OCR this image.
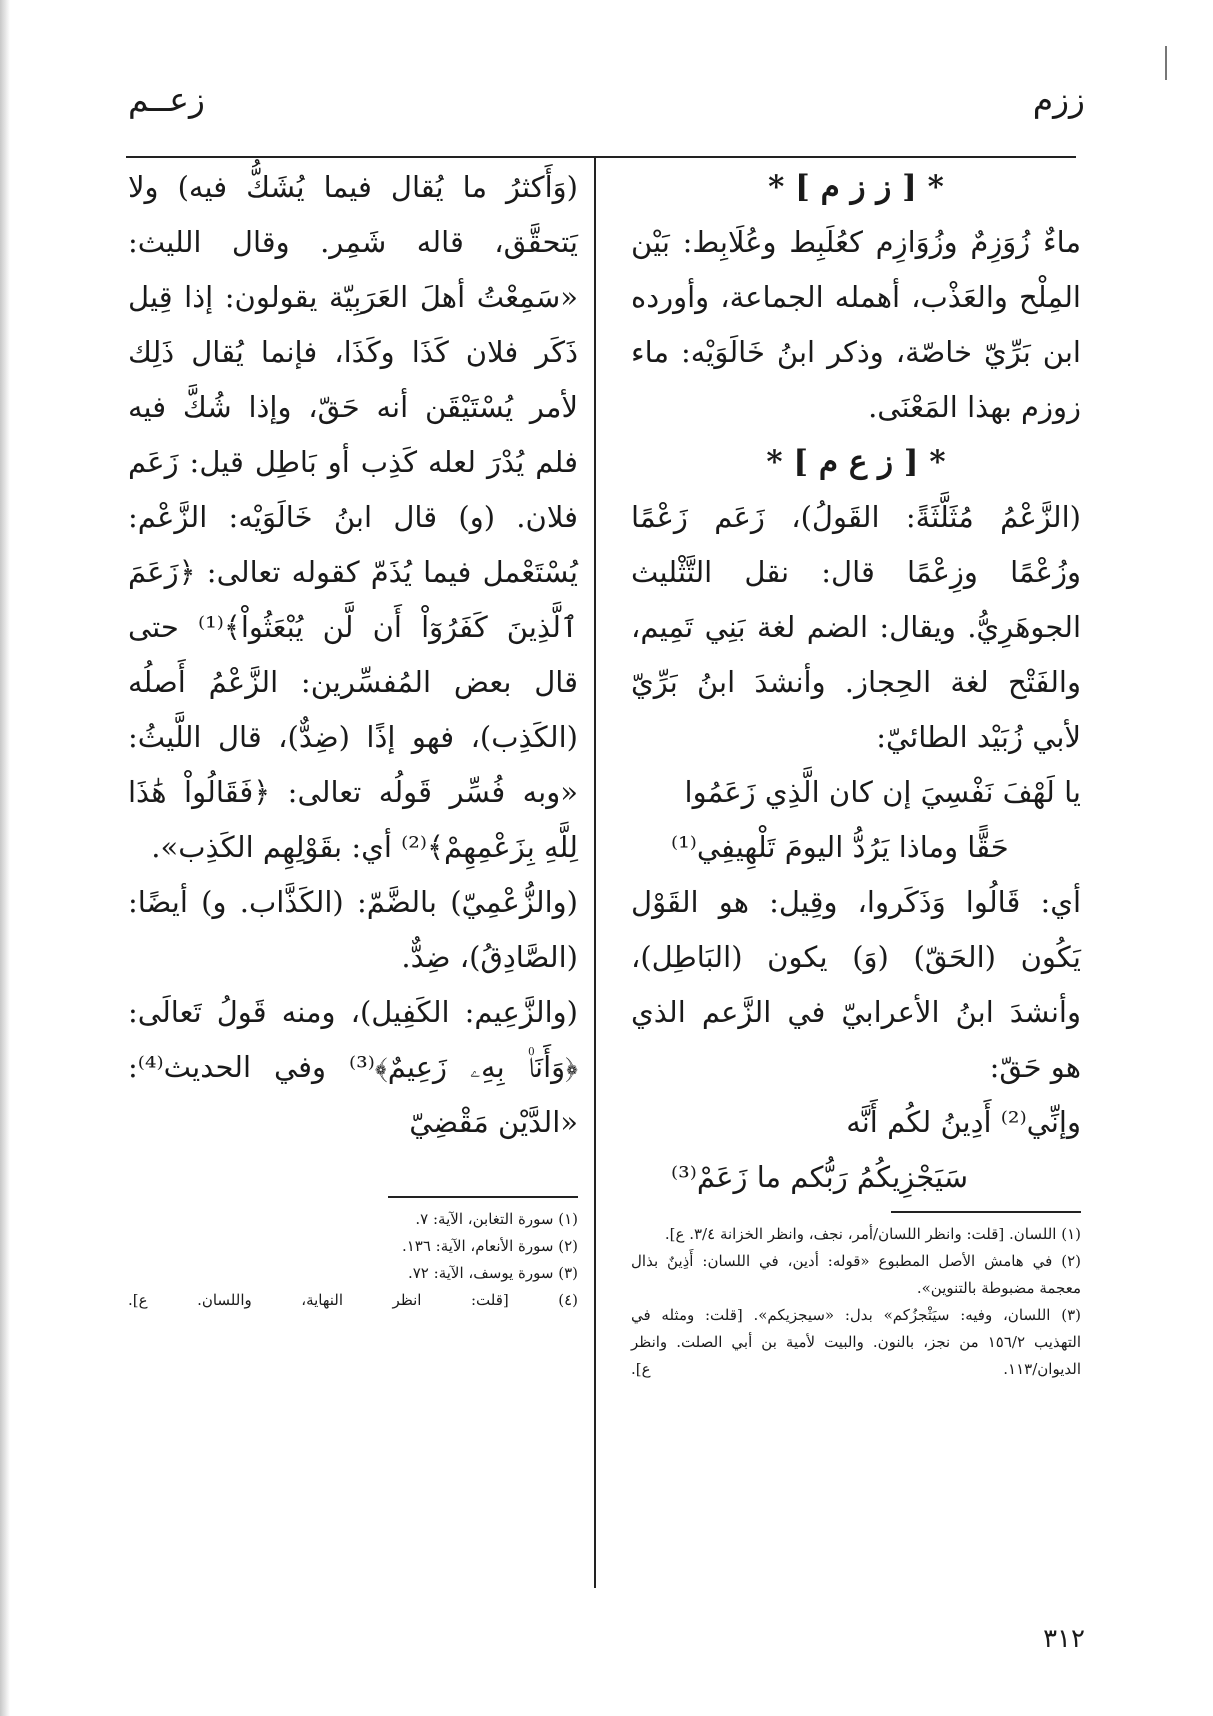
ززم
زعــم

* [ ز ز م ] *

ماءٌ زُوَزِمٌ وزُوَازِم كعُلَبِط وعُلَابِط: بَيْن المِلْح والعَذْب، أهمله الجماعة، وأورده ابن بَرِّيّ خاصّة، وذكر ابنُ خَالَوَيْه: ماء زوزم بهذا المَعْنَى.

* [ ز ع م ] *

(الزَّعْمُ مُثَلَّثَةً: القَولُ)، زَعَم زَعْمًا وزُعْمًا وزِعْمًا قال: نقل التَّثْليث الجوهَرِيُّ. ويقال: الضم لغة بَنِي تَمِيم، والفَتْح لغة الحِجاز. وأنشدَ ابنُ بَرِّيّ لأبي زُبَيْد الطائيّ:

يا لَهْفَ نَفْسِيَ إن كان الَّذِي زَعَمُوا

حَقًّا وماذا يَرُدُّ اليومَ تَلْهِيفِي⁽¹⁾

أي: قَالُوا وَذَكَروا، وقِيل: هو القَوْل يَكُون (الحَقّ) (وَ) يكون (البَاطِل)، وأنشدَ ابنُ الأعرابيّ في الزَّعم الذي هو حَقّ:

وإنِّي⁽²⁾ أَدِينُ لكُم أَنَّه

سَيَجْزِيكُمُ رَبُّكم ما زَعَمْ⁽³⁾

(١) اللسان. [قلت: وانظر اللسان/أمر، نجف، وانظر الخزانة ٣/٤. ع].

(٢) في هامش الأصل المطبوع «قوله: أدين، في اللسان: أَذِينٌ بذال معجمة مضبوطة بالتنوين».

(٣) اللسان، وفيه: سيَثْجزُكم» بدل: «سيجزيكم». [قلت: ومثله في التهذيب ١٥٦/٢ من نجز، بالنون. والبيت لأمية بن أبي الصلت. وانظر الديوان/١١٣. ع].

(وَأَكثرُ ما يُقال فيما يُشَكُّ فيه) ولا يَتحقَّق، قاله شَمِر. وقال الليث: «سَمِعْتُ أهلَ العَرَبِيّة يقولون: إذا قِيل ذَكَر فلان كَذَا وكَذَا، فإنما يُقال ذَلِك لأمر يُسْتَيْقَن أنه حَقّ، وإذا شُكَّ فيه فلم يُدْرَ لعله كَذِب أو بَاطِل قيل: زَعَم فلان. (و) قال ابنُ خَالَوَيْه: الزَّعْم: يُسْتَعْمل فيما يُذَمّ كقوله تعالى: ﴿زَعَمَ ٱلَّذِينَ كَفَرُوٓاْ أَن لَّن يُبْعَثُواْ﴾⁽¹⁾ حتى قال بعض المُفسِّرين: الزَّعْمُ أَصلُه (الكَذِب)، فهو إذًا (ضِدٌّ)، قال اللَّيثُ: «وبه فُسِّر قَولُه تعالى: ﴿فَقَالُواْ هَٰذَا لِلَّهِ بِزَعْمِهِمْ﴾⁽²⁾ أي: بقَوْلِهِم الكَذِب».

(والزُّعْمِيّ) بالضَّمّ: (الكَذَّاب. و) أيضًا: (الصَّادِقُ)، ضِدٌّ.

(والزَّعِيم: الكَفِيل)، ومنه قَولُ تَعالَى: ﴿وَأَنَا۠ بِهِۦ زَعِيمٌ﴾⁽³⁾ وفي الحديث⁽⁴⁾: «الدَّيْن مَقْضِيّ

(١) سورة التغابن، الآية: ٧.

(٢) سورة الأنعام، الآية: ١٣٦.

(٣) سورة يوسف، الآية: ٧٢.

(٤) [قلت: انظر النهاية، واللسان. ع].

٣١٢
